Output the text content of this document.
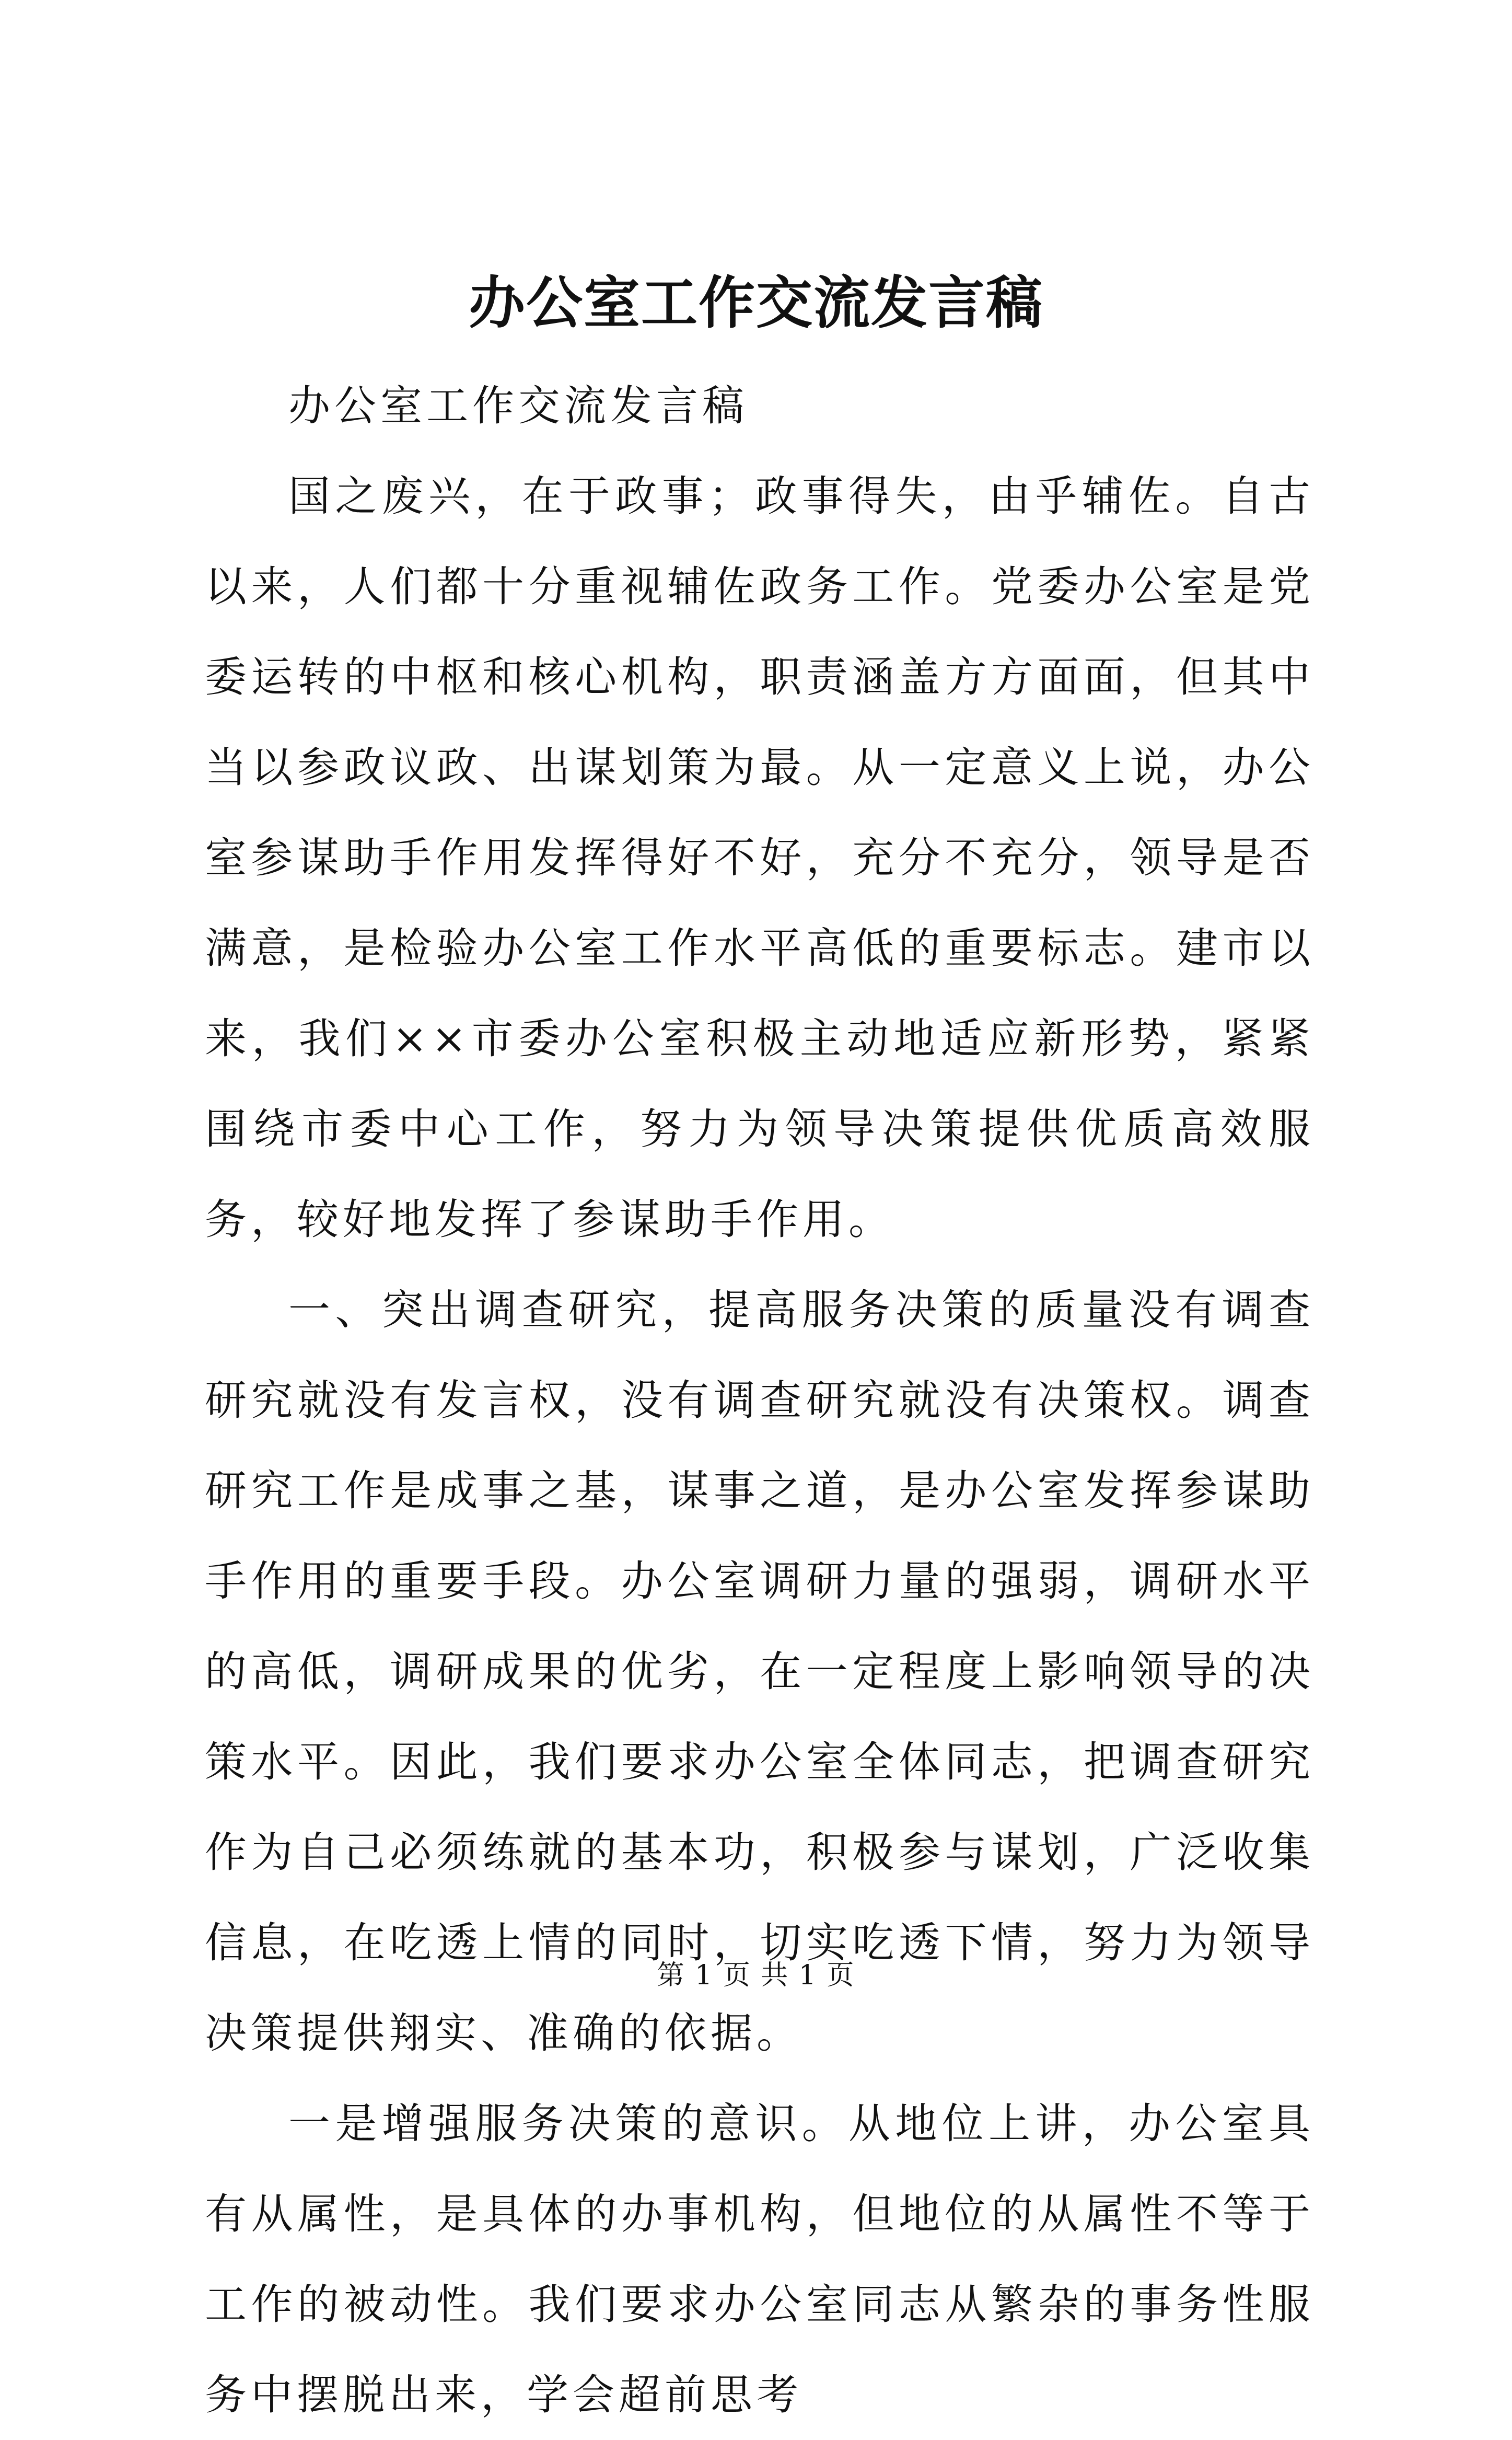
办公室工作交流发言稿

办公室工作交流发言稿

国之废兴，在于政事；政事得失，由乎辅佐。自古以来，人们都十分重视辅佐政务工作。党委办公室是党委运转的中枢和核心机构，职责涵盖方方面面，但其中当以参政议政、出谋划策为最。从一定意义上说，办公室参谋助手作用发挥得好不好，充分不充分，领导是否满意，是检验办公室工作水平高低的重要标志。建市以来，我们××市委办公室积极主动地适应新形势，紧紧围绕市委中心工作，努力为领导决策提供优质高效服务，较好地发挥了参谋助手作用。

一、突出调查研究，提高服务决策的质量没有调查研究就没有发言权，没有调查研究就没有决策权。调查研究工作是成事之基，谋事之道，是办公室发挥参谋助手作用的重要手段。办公室调研力量的强弱，调研水平的高低，调研成果的优劣，在一定程度上影响领导的决策水平。因此，我们要求办公室全体同志，把调查研究作为自己必须练就的基本功，积极参与谋划，广泛收集信息，在吃透上情的同时，切实吃透下情，努力为领导决策提供翔实、准确的依据。

一是增强服务决策的意识。从地位上讲，办公室具有从属性，是具体的办事机构，但地位的从属性不等于工作的被动性。我们要求办公室同志从繁杂的事务性服务中摆脱出来，学会超前思考

第 1 页 共 1 页
